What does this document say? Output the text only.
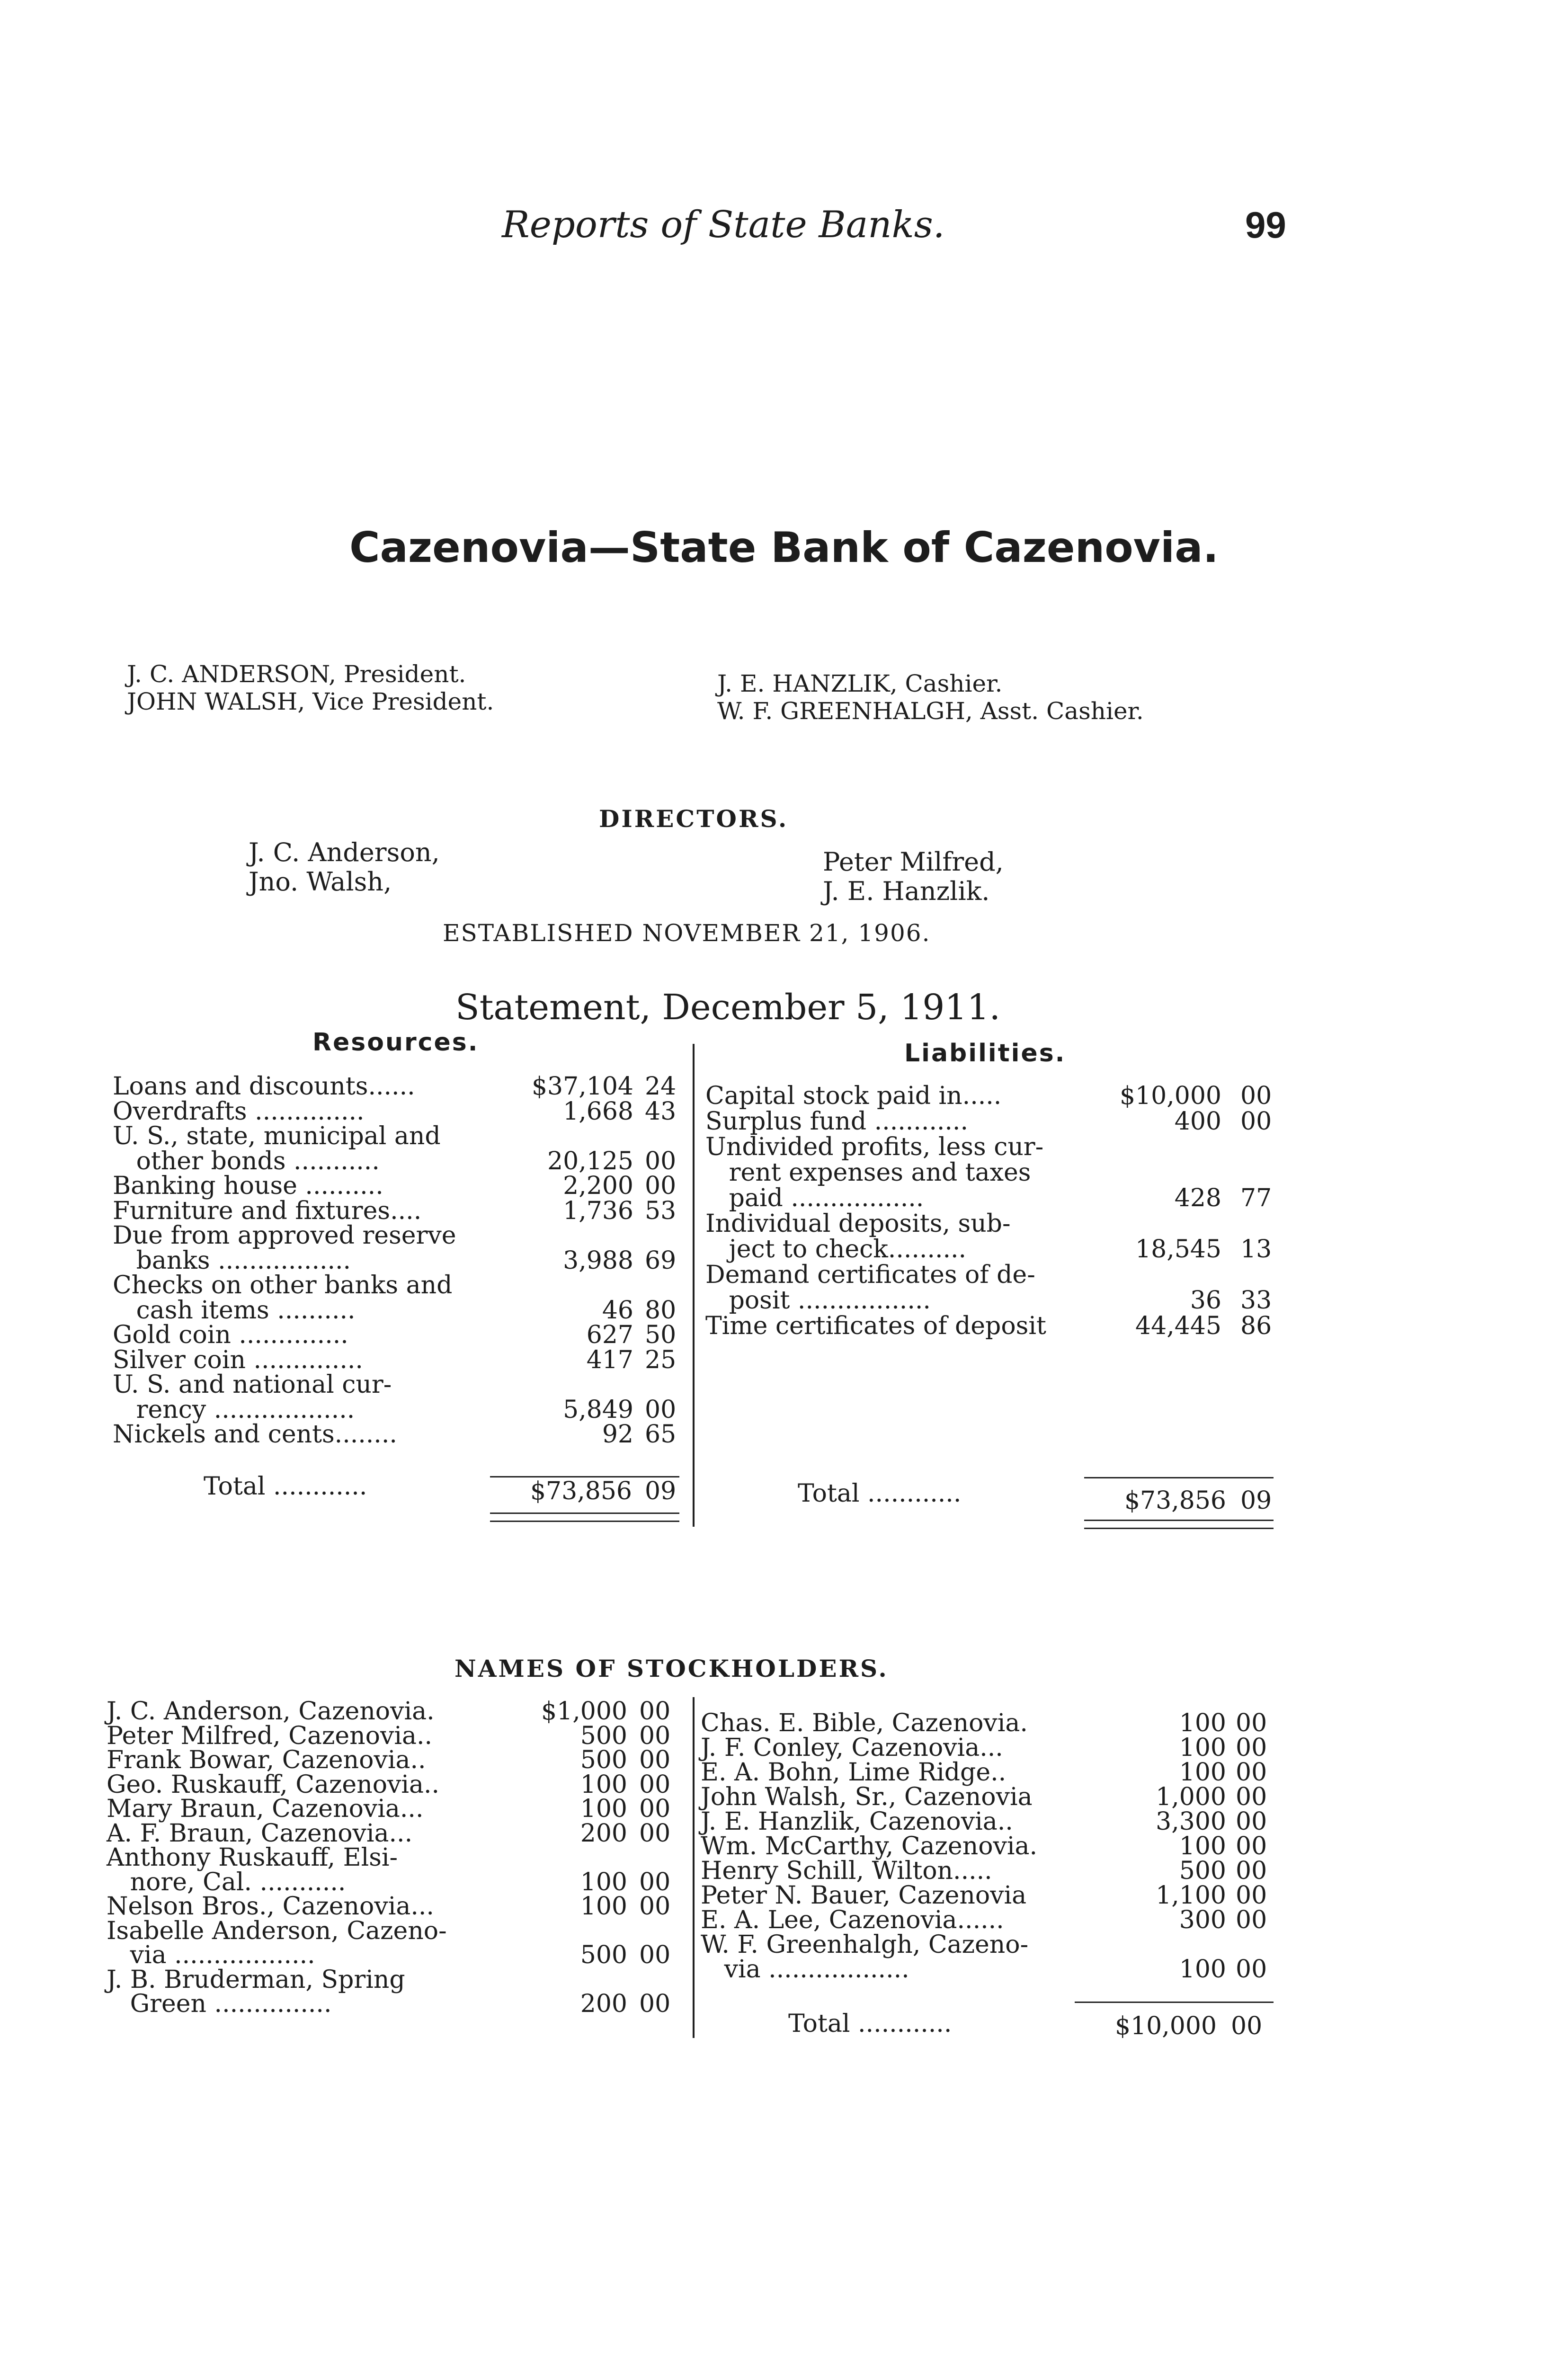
Reports of State Banks.	99
Cazenovia—State Bank of Cazenovia.
J. C. ANDERSON, President.
JOHN WALSH, Vice President.
J. E. HANZLIK, Cashier.
W. F. GREENHALGH, Asst. Cashier.
DIRECTORS.
J. C. Anderson,
Jno. Walsh,
Peter Milfred,
J. E. Hanzlik.
ESTABLISHED NOVEMBER 21, 1906.
Statement, December 5, 1911.
Resources.	Liabilities.
Loans and discounts......	$37,104 24
Overdrafts ..............	1,668 43
U. S., state, municipal and
other bonds ...........	20,125 00
Banking house ..........	2,200 00
Furniture and fixtures....	1,736 53
Due from approved reserve
banks .................	3,988 69
Checks on other banks and
cash items ..........	46 80
Gold coin ..............	627 50
Silver coin ..............	417 25
U. S. and national cur-
rency ..................	5,849 00
Nickels and cents........	92 65
Capital stock paid in.....	$10,000 00
Surplus fund ............	400 00
Undivided profits, less cur-
rent expenses and taxes
paid .................	428 77
Individual deposits, sub-
ject to check..........	18,545 13
Demand certificates of de-
posit .................	36 33
Time certificates of deposit	44,445 86
Total ............	$73,856 09	Total ............	$73,856 09
NAMES OF STOCKHOLDERS.
J. C. Anderson, Cazenovia.	$1,000 00
Peter Milfred, Cazenovia..	500 00
Frank Bowar, Cazenovia..	500 00
Geo. Ruskauff, Cazenovia..	100 00
Mary Braun, Cazenovia...	100 00
A. F. Braun, Cazenovia...	200 00
Anthony Ruskauff, Elsi-
nore, Cal. ...........	100 00
Nelson Bros., Cazenovia...	100 00
Isabelle Anderson, Cazeno-
via ..................	500 00
J. B. Bruderman, Spring
Green ...............	200 00
Chas. E. Bible, Cazenovia.	100 00
J. F. Conley, Cazenovia...	100 00
E. A. Bohn, Lime Ridge..	100 00
John Walsh, Sr., Cazenovia	1,000 00
J. E. Hanzlik, Cazenovia..	3,300 00
Wm. McCarthy, Cazenovia.	100 00
Henry Schill, Wilton.....	500 00
Peter N. Bauer, Cazenovia	1,100 00
E. A. Lee, Cazenovia......	300 00
W. F. Greenhalgh, Cazeno-
via ..................	100 00
Total ............	$10,000 00
